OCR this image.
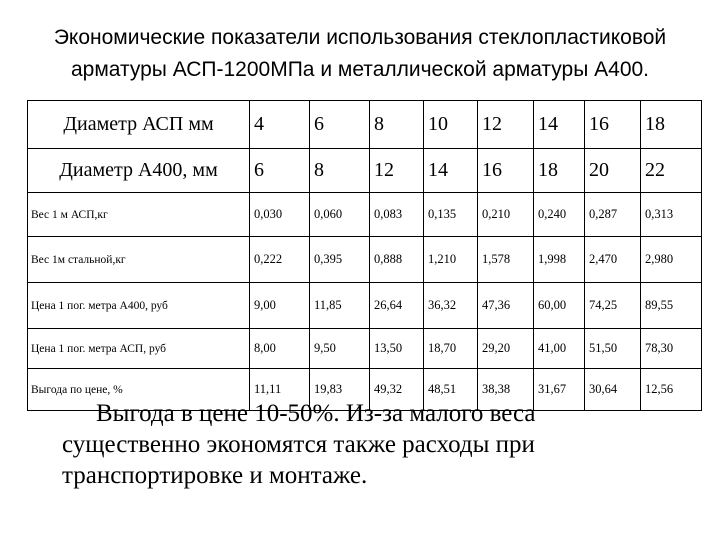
Экономические показатели использования стеклопластиковой
арматуры АСП-1200МПа и металлической арматуры А400.
Диаметр АСП мм	4	6	8	10	12	14	16	18
Диаметр А400, мм	6	8	12	14	16	18	20	22
Вес 1 м АСП,кг	0,030	0,060	0,083	0,135	0,210	0,240	0,287	0,313
Вес 1м стальной,кг	0,222	0,395	0,888	1,210	1,578	1,998	2,470	2,980
Цена 1 пог. метра А400, руб	9,00	11,85	26,64	36,32	47,36	60,00	74,25	89,55
Цена 1 пог. метра АСП, руб	8,00	9,50	13,50	18,70	29,20	41,00	51,50	78,30
Выгода по цене, %	11,11	19,83	49,32	48,51	38,38	31,67	30,64	12,56
Выгода в цене 10-50%. Из-за малого веса
существенно экономятся также расходы при
транспортировке и монтаже.
